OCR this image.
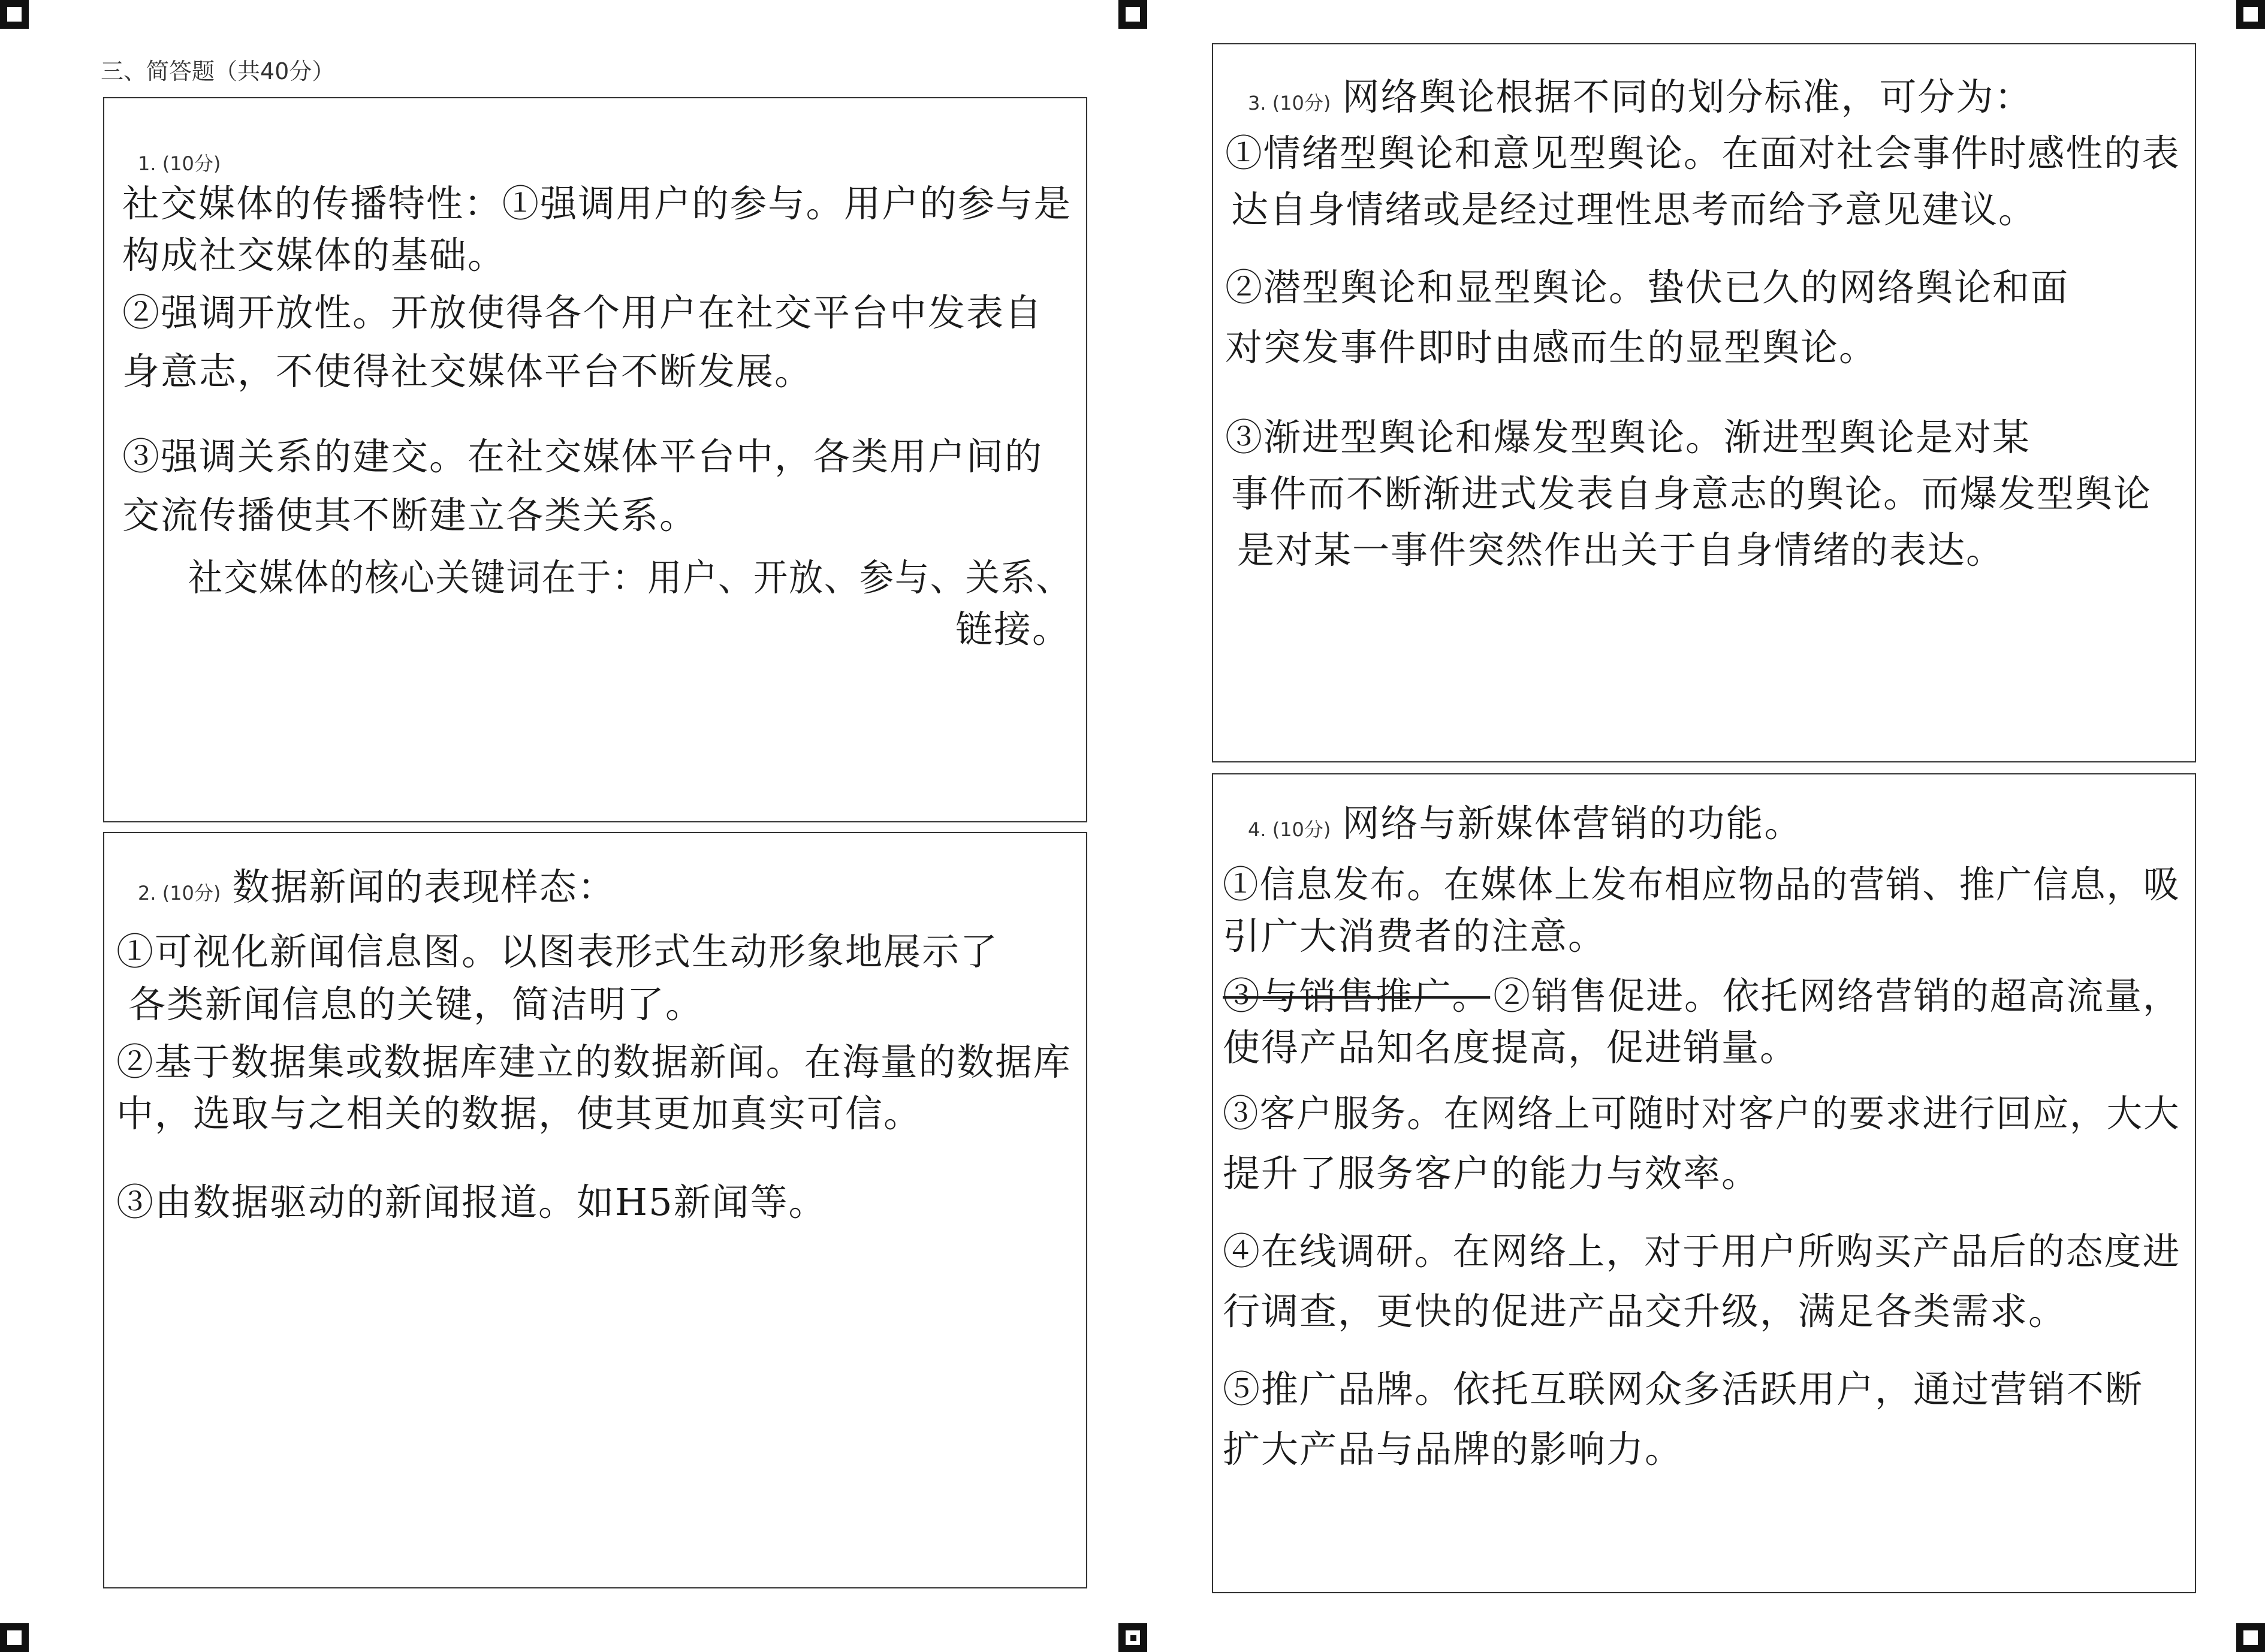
三、简答题（共40分）
1. (10分)
社交媒体的传播特性：①强调用户的参与。用户的参与是
构成社交媒体的基础。
②强调开放性。开放使得各个用户在社交平台中发表自
身意志，不使得社交媒体平台不断发展。
③强调关系的建交。在社交媒体平台中，各类用户间的
交流传播使其不断建立各类关系。
社交媒体的核心关键词在于：用户、开放、参与、关系、
链接。
2. (10分) 数据新闻的表现样态：
①可视化新闻信息图。以图表形式生动形象地展示了
各类新闻信息的关键，简洁明了。
②基于数据集或数据库建立的数据新闻。在海量的数据库
中，选取与之相关的数据，使其更加真实可信。
③由数据驱动的新闻报道。如H5新闻等。
3. (10分) 网络舆论根据不同的划分标准，可分为：
①情绪型舆论和意见型舆论。在面对社会事件时感性的表
达自身情绪或是经过理性思考而给予意见建议。
②潜型舆论和显型舆论。蛰伏已久的网络舆论和面
对突发事件即时由感而生的显型舆论。
③渐进型舆论和爆发型舆论。渐进型舆论是对某
事件而不断渐进式发表自身意志的舆论。而爆发型舆论
是对某一事件突然作出关于自身情绪的表达。
4. (10分) 网络与新媒体营销的功能。
①信息发布。在媒体上发布相应物品的营销、推广信息，吸
引广大消费者的注意。
③与销售推广。 ②销售促进。依托网络营销的超高流量，
使得产品知名度提高，促进销量。
③客户服务。在网络上可随时对客户的要求进行回应，大大
提升了服务客户的能力与效率。
④在线调研。在网络上，对于用户所购买产品后的态度进
行调查，更快的促进产品交升级，满足各类需求。
⑤推广品牌。依托互联网众多活跃用户，通过营销不断
扩大产品与品牌的影响力。
